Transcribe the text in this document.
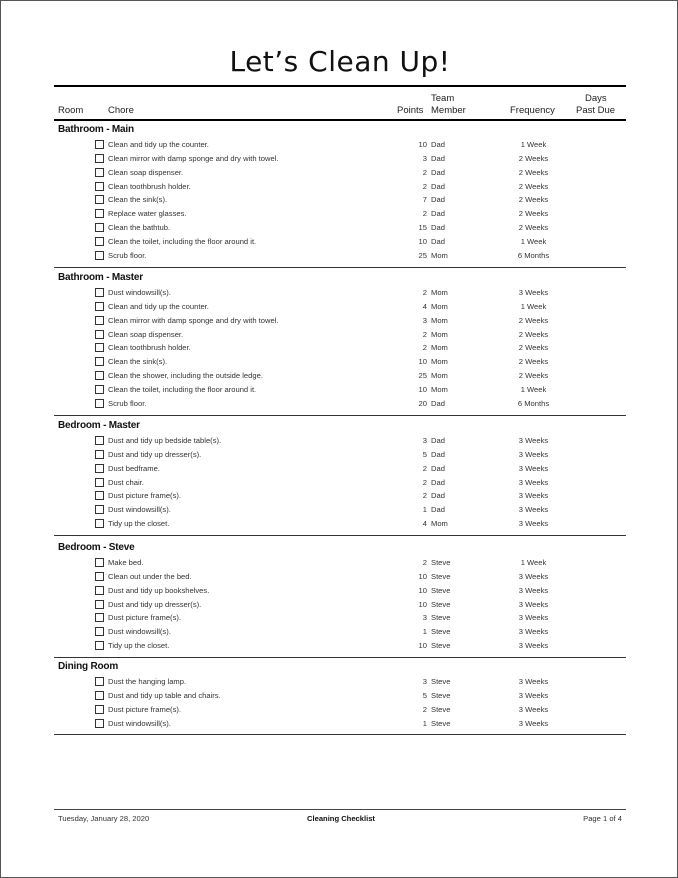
Let’s Clean Up!
Team	Days
Room	Chore	Points Member	Frequency Past Due
Bathroom - Main
Clean and tidy up the counter.	10 Dad	1 Week
Clean mirror with damp sponge and dry with towel.	3 Dad	2 Weeks
Clean soap dispenser.	2 Dad	2 Weeks
Clean toothbrush holder.	2 Dad	2 Weeks
Clean the sink(s).	7 Dad	2 Weeks
Replace water glasses.	2 Dad	2 Weeks
Clean the bathtub.	15 Dad	2 Weeks
Clean the toilet, including the floor around it.	10 Dad	1 Week
Scrub floor.	25 Mom	6 Months
Bathroom - Master
Dust windowsill(s).	2 Mom	3 Weeks
Clean and tidy up the counter.	4 Mom	1 Week
Clean mirror with damp sponge and dry with towel.	3 Mom	2 Weeks
Clean soap dispenser.	2 Mom	2 Weeks
Clean toothbrush holder.	2 Mom	2 Weeks
Clean the sink(s).	10 Mom	2 Weeks
Clean the shower, including the outside ledge.	25 Mom	2 Weeks
Clean the toilet, including the floor around it.	10 Mom	1 Week
Scrub floor.	20 Dad	6 Months
Bedroom - Master
Dust and tidy up bedside table(s).	3 Dad	3 Weeks
Dust and tidy up dresser(s).	5 Dad	3 Weeks
Dust bedframe.	2 Dad	3 Weeks
Dust chair.	2 Dad	3 Weeks
Dust picture frame(s).	2 Dad	3 Weeks
Dust windowsill(s).	1 Dad	3 Weeks
Tidy up the closet.	4 Mom	3 Weeks
Bedroom - Steve
Make bed.	2 Steve	1 Week
Clean out under the bed.	10 Steve	3 Weeks
Dust and tidy up bookshelves.	10 Steve	3 Weeks
Dust and tidy up dresser(s).	10 Steve	3 Weeks
Dust picture frame(s).	3 Steve	3 Weeks
Dust windowsill(s).	1 Steve	3 Weeks
Tidy up the closet.	10 Steve	3 Weeks
Dining Room
Dust the hanging lamp.	3 Steve	3 Weeks
Dust and tidy up table and chairs.	5 Steve	3 Weeks
Dust picture frame(s).	2 Steve	3 Weeks
Dust windowsill(s).	1 Steve	3 Weeks
Tuesday, January 28, 2020	Cleaning Checklist	Page 1 of 4
